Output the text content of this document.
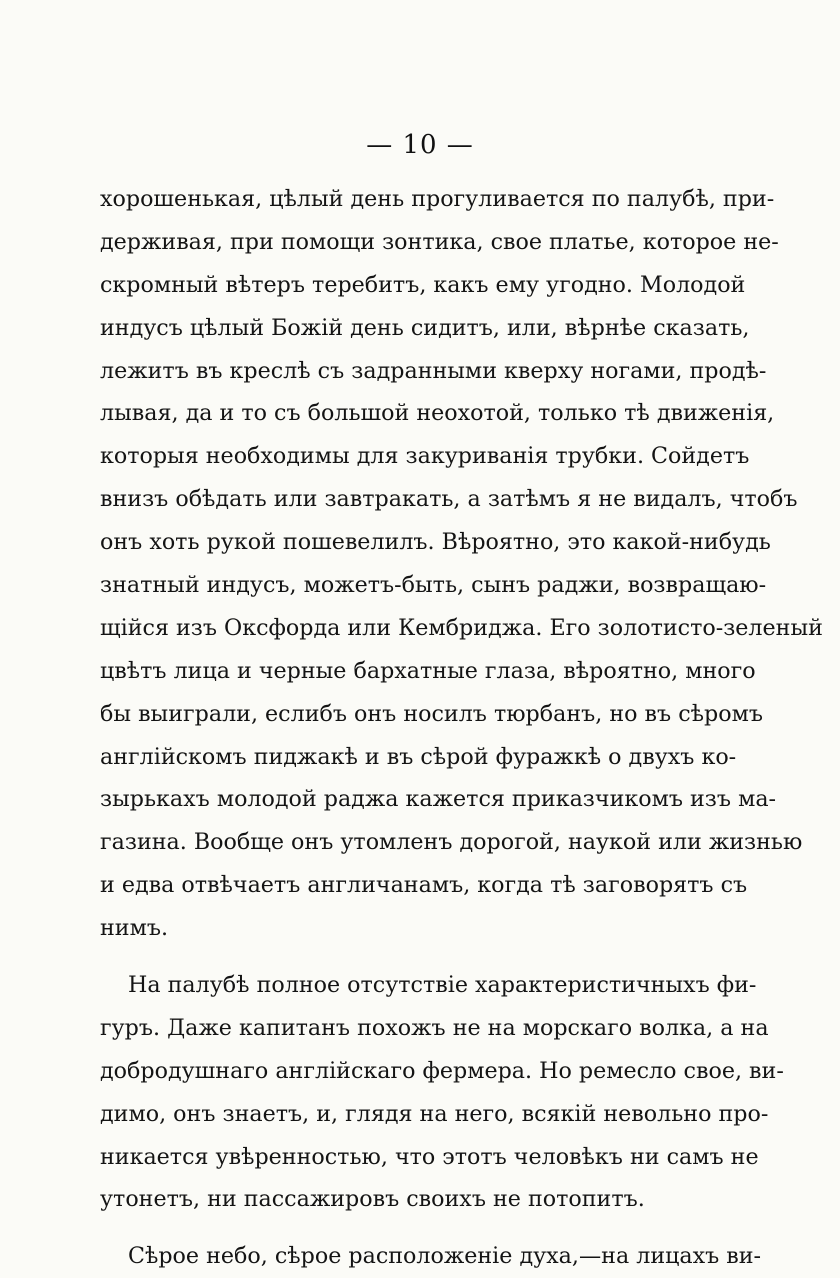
— 10 —
хорошенькая, цѣлый день прогуливается по палубѣ, при-
держивая, при помощи зонтика, свое платье, которое не-
скромный вѣтеръ теребитъ, какъ ему угодно. Молодой
индусъ цѣлый Божій день сидитъ, или, вѣрнѣе сказать,
лежитъ въ креслѣ съ задранными кверху ногами, продѣ-
лывая, да и то съ большой неохотой, только тѣ движенія,
которыя необходимы для закуриванія трубки. Сойдетъ
внизъ обѣдать или завтракать, а затѣмъ я не видалъ, чтобъ
онъ хоть рукой пошевелилъ. Вѣроятно, это какой-нибудь
знатный индусъ, можетъ-быть, сынъ раджи, возвращаю-
щійся изъ Оксфорда или Кембриджа. Его золотисто-зеленый
цвѣтъ лица и черные бархатные глаза, вѣроятно, много
бы выиграли, еслибъ онъ носилъ тюрбанъ, но въ сѣромъ
англійскомъ пиджакѣ и въ сѣрой фуражкѣ о двухъ ко-
зырькахъ молодой раджа кажется приказчикомъ изъ ма-
газина. Вообще онъ утомленъ дорогой, наукой или жизнью
и едва отвѣчаетъ англичанамъ, когда тѣ заговорятъ съ
нимъ.
На палубѣ полное отсутствіе характеристичныхъ фи-
гуръ. Даже капитанъ похожъ не на морскаго волка, а на
добродушнаго англійскаго фермера. Но ремесло свое, ви-
димо, онъ знаетъ, и, глядя на него, всякій невольно про-
никается увѣренностью, что этотъ человѣкъ ни самъ не
утонетъ, ни пассажировъ своихъ не потопитъ.
Сѣрое небо, сѣрое расположеніе духа,—на лицахъ ви-
